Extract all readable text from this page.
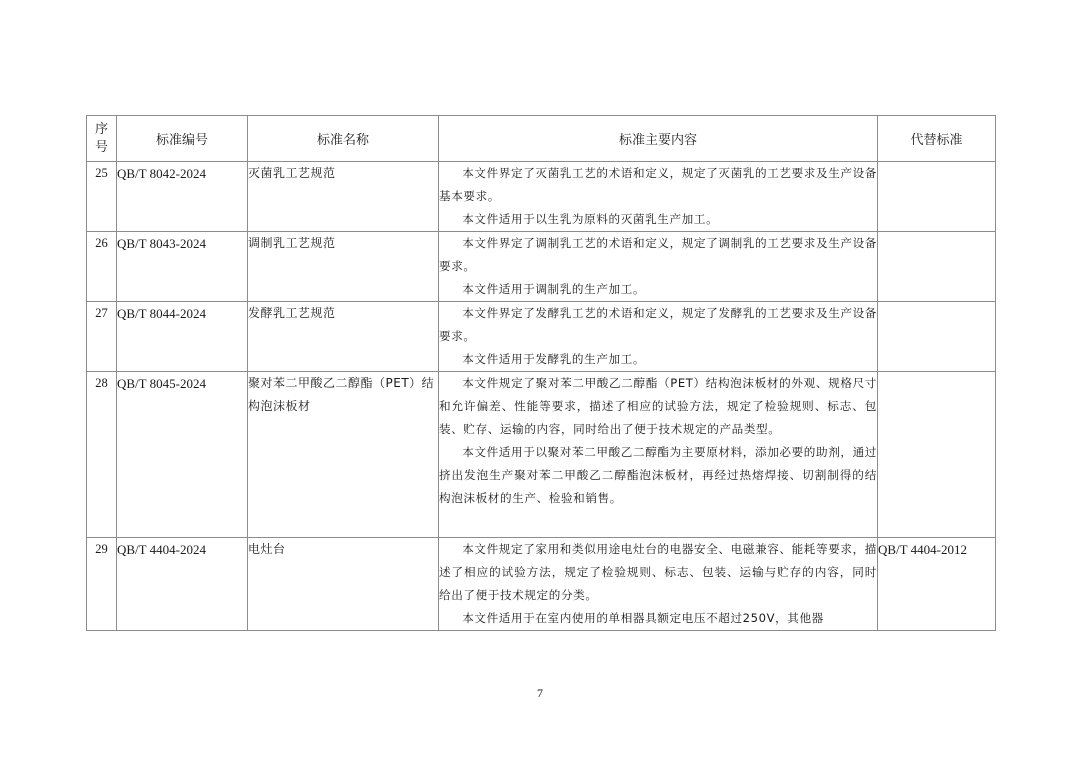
序号	标准编号	标准名称	标准主要内容	代替标准
25	QB/T 8042-2024	灭菌乳工艺规范	本文件界定了灭菌乳工艺的术语和定义，规定了灭菌乳的工艺要求及生产设备基本要求。

本文件适用于以生乳为原料的灭菌乳生产加工。	

26	QB/T 8043-2024	调制乳工艺规范	本文件界定了调制乳工艺的术语和定义，规定了调制乳的工艺要求及生产设备要求。

本文件适用于调制乳的生产加工。	

27	QB/T 8044-2024	发酵乳工艺规范	本文件界定了发酵乳工艺的术语和定义，规定了发酵乳的工艺要求及生产设备要求。

本文件适用于发酵乳的生产加工。	

28	QB/T 8045-2024	聚对苯二甲酸乙二醇酯（PET）结构泡沫板材	本文件规定了聚对苯二甲酸乙二醇酯（PET）结构泡沫板材的外观、规格尺寸和允许偏差、性能等要求，描述了相应的试验方法，规定了检验规则、标志、包装、贮存、运输的内容，同时给出了便于技术规定的产品类型。

本文件适用于以聚对苯二甲酸乙二醇酯为主要原材料，添加必要的助剂，通过挤出发泡生产聚对苯二甲酸乙二醇酯泡沫板材，再经过热熔焊接、切割制得的结构泡沫板材的生产、检验和销售。	

29	QB/T 4404-2024	电灶台	本文件规定了家用和类似用途电灶台的电器安全、电磁兼容、能耗等要求，描述了相应的试验方法，规定了检验规则、标志、包装、运输与贮存的内容，同时给出了便于技术规定的分类。

本文件适用于在室内使用的单相器具额定电压不超过250V，其他器	QB/T 4404-2012
7
